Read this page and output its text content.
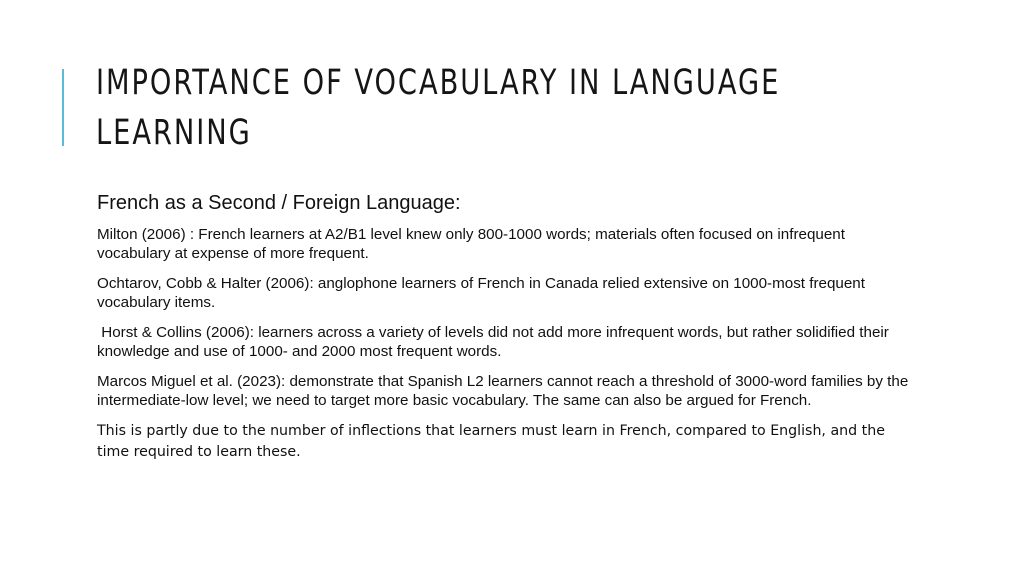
IMPORTANCE OF VOCABULARY IN LANGUAGE
LEARNING

French as a Second / Foreign Language:

Milton (2006) : French learners at A2/B1 level knew only 800-1000 words; materials often focused on infrequent vocabulary at expense of more frequent.

Ochtarov, Cobb & Halter (2006): anglophone learners of French in Canada relied extensive on 1000-most frequent vocabulary items.

Horst & Collins (2006): learners across a variety of levels did not add more infrequent words, but rather solidified their knowledge and use of 1000- and 2000 most frequent words.

Marcos Miguel et al. (2023): demonstrate that Spanish L2 learners cannot reach a threshold of 3000-word families by the intermediate-low level; we need to target more basic vocabulary. The same can also be argued for French.

This is partly due to the number of inflections that learners must learn in French, compared to English, and the time required to learn these.
